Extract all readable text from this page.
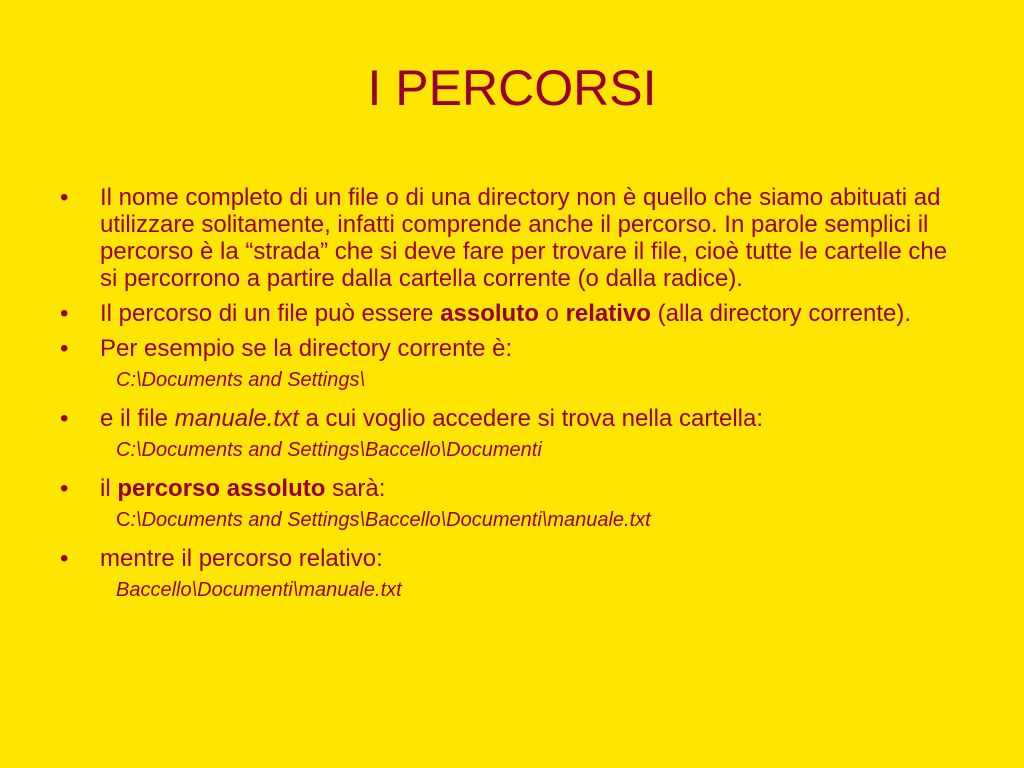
I PERCORSI
• Il nome completo di un file o di una directory non è quello che siamo abituati ad utilizzare solitamente, infatti comprende anche il percorso. In parole semplici il percorso è la “strada” che si deve fare per trovare il file, cioè tutte le cartelle che si percorrono a partire dalla cartella corrente (o dalla radice).
• Il percorso di un file può essere assoluto o relativo (alla directory corrente).
• Per esempio se la directory corrente è:
C:\Documents and Settings\
• e il file manuale.txt a cui voglio accedere si trova nella cartella:
C:\Documents and Settings\Baccello\Documenti
• il percorso assoluto sarà:
C:\Documents and Settings\Baccello\Documenti\manuale.txt
• mentre il percorso relativo:
Baccello\Documenti\manuale.txt
